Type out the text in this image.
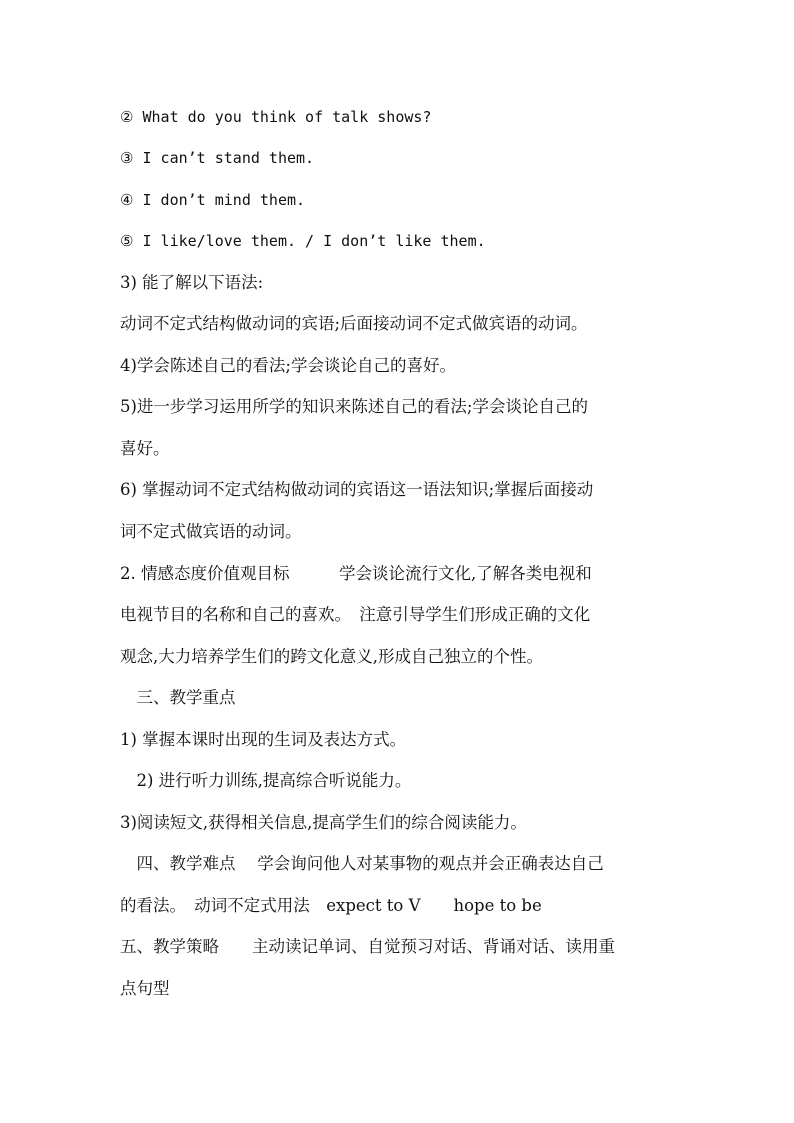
② What do you think of talk shows?
③ I can’t stand them.
④ I don’t mind them.
⑤ I like/love them. / I don’t like them.
3) 能了解以下语法:
动词不定式结构做动词的宾语;后面接动词不定式做宾语的动词。
4)学会陈述自己的看法;学会谈论自己的喜好。
5)进一步学习运用所学的知识来陈述自己的看法;学会谈论自己的
喜好。
6) 掌握动词不定式结构做动词的宾语这一语法知识;掌握后面接动
词不定式做宾语的动词。
2. 情感态度价值观目标　　　学会谈论流行文化,了解各类电视和
电视节目的名称和自己的喜欢。　注意引导学生们形成正确的文化
观念,大力培养学生们的跨文化意义,形成自己独立的个性。
　三、教学重点
1) 掌握本课时出现的生词及表达方式。
　2) 进行听力训练,提高综合听说能力。
3)阅读短文,获得相关信息,提高学生们的综合阅读能力。
　四、教学难点　 学会询问他人对某事物的观点并会正确表达自己
的看法。　动词不定式用法　expect to V　　hope to be
五、教学策略　　主动读记单词、自觉预习对话、背诵对话、读用重
点句型
